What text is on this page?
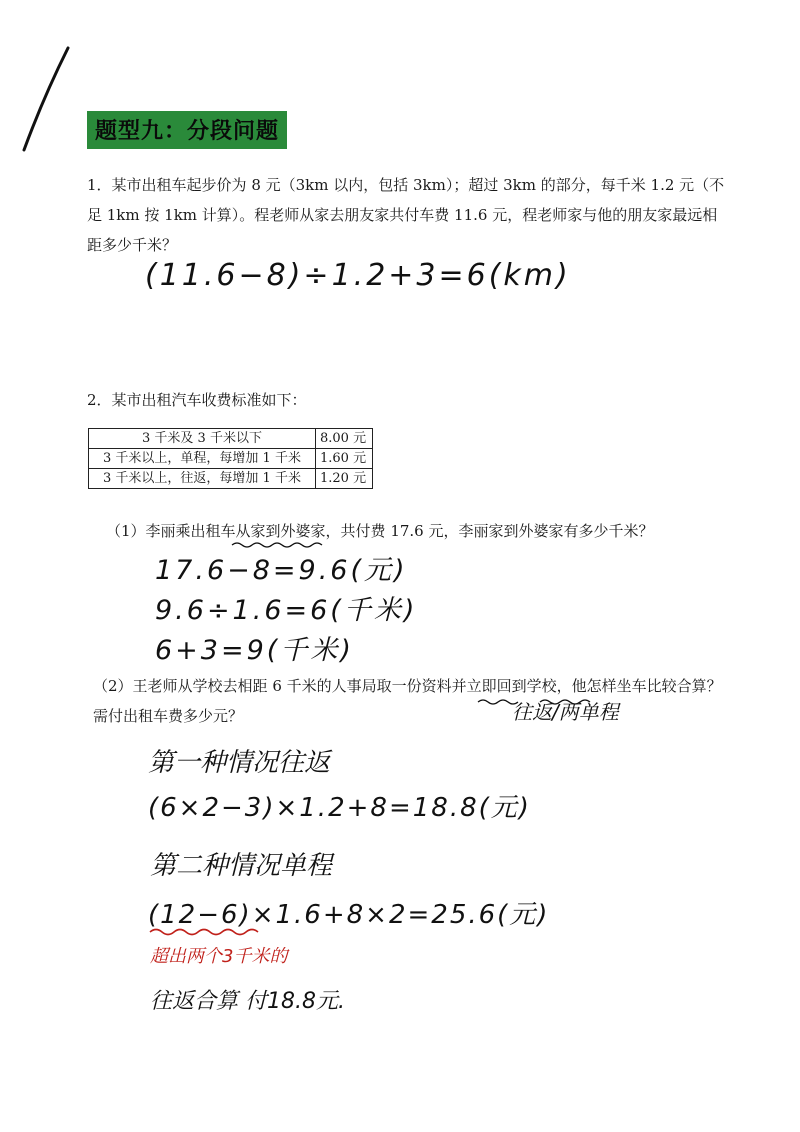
题型九：分段问题
1．某市出租车起步价为 8 元（3km 以内，包括 3km）；超过 3km 的部分，每千米 1.2 元（不足 1km 按 1km 计算）。程老师从家去朋友家共付车费 11.6 元，程老师家与他的朋友家最远相距多少千米？
(11.6−8)÷1.2+3=6(km)
2．某市出租汽车收费标准如下：
3 千米及 3 千米以下	8.00 元
3 千米以上，单程，每增加 1 千米	1.60 元
3 千米以上，往返，每增加 1 千米	1.20 元
（1）李丽乘出租车从家到外婆家，共付费 17.6 元，李丽家到外婆家有多少千米？
17.6−8=9.6(元)
9.6÷1.6=6(千米)
6+3=9(千米)
（2）王老师从学校去相距 6 千米的人事局取一份资料并立即回到学校，他怎样坐车比较合算？需付出租车费多少元？	往返/两单程
第一种情况往返
(6×2−3)×1.2+8=18.8(元)
第二种情况单程
(12−6)×1.6+8×2=25.6(元)
超出两个3千米的
往返合算 付18.8元.
